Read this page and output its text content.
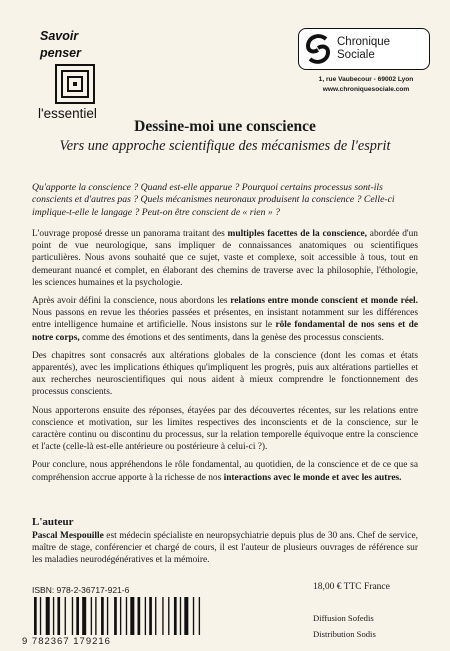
Savoir
penser
l'essentiel
Chronique
Sociale
1, rue Vaubecour - 69002 Lyon
www.chroniquesociale.com
Dessine-moi une conscience
Vers une approche scientifique des mécanismes de l'esprit
Qu'apporte la conscience ? Quand est-elle apparue ? Pourquoi certains processus sont-ils conscients et d'autres pas ? Quels mécanismes neuronaux produisent la conscience ? Celle-ci implique-t-elle le langage ? Peut-on être conscient de « rien » ?

L'ouvrage proposé dresse un panorama traitant des multiples facettes de la conscience, abordée d'un point de vue neurologique, sans impliquer de connaissances anatomiques ou scientifiques particulières. Nous avons souhaité que ce sujet, vaste et complexe, soit accessible à tous, tout en demeurant nuancé et complet, en élaborant des chemins de traverse avec la philosophie, l'éthologie, les sciences humaines et la psychologie.

Après avoir défini la conscience, nous abordons les relations entre monde conscient et monde réel. Nous passons en revue les théories passées et présentes, en insistant notamment sur les différences entre intelligence humaine et artificielle. Nous insistons sur le rôle fondamental de nos sens et de notre corps, comme des émotions et des sentiments, dans la genèse des processus conscients.

Des chapitres sont consacrés aux altérations globales de la conscience (dont les comas et états apparentés), avec les implications éthiques qu'impliquent les progrès, puis aux altérations partielles et aux recherches neuroscientifiques qui nous aident à mieux comprendre le fonctionnement des processus conscients.

Nous apporterons ensuite des réponses, étayées par des découvertes récentes, sur les relations entre conscience et motivation, sur les limites respectives des inconscients et de la conscience, sur le caractère continu ou discontinu du processus, sur la relation temporelle équivoque entre la conscience et l'acte (celle-là est-elle antérieure ou postérieure à celui-ci ?).

Pour conclure, nous appréhendons le rôle fondamental, au quotidien, de la conscience et de ce que sa compréhension accrue apporte à la richesse de nos interactions avec le monde et avec les autres.

L'auteur
Pascal Mespouille est médecin spécialiste en neuropsychiatrie depuis plus de 30 ans. Chef de service, maître de stage, conférencier et chargé de cours, il est l'auteur de plusieurs ouvrages de référence sur les maladies neurodégénératives et la mémoire.
ISBN: 978-2-36717-921-6
9 782367 179216
18,00 € TTC France
Diffusion Sofedis
Distribution Sodis
